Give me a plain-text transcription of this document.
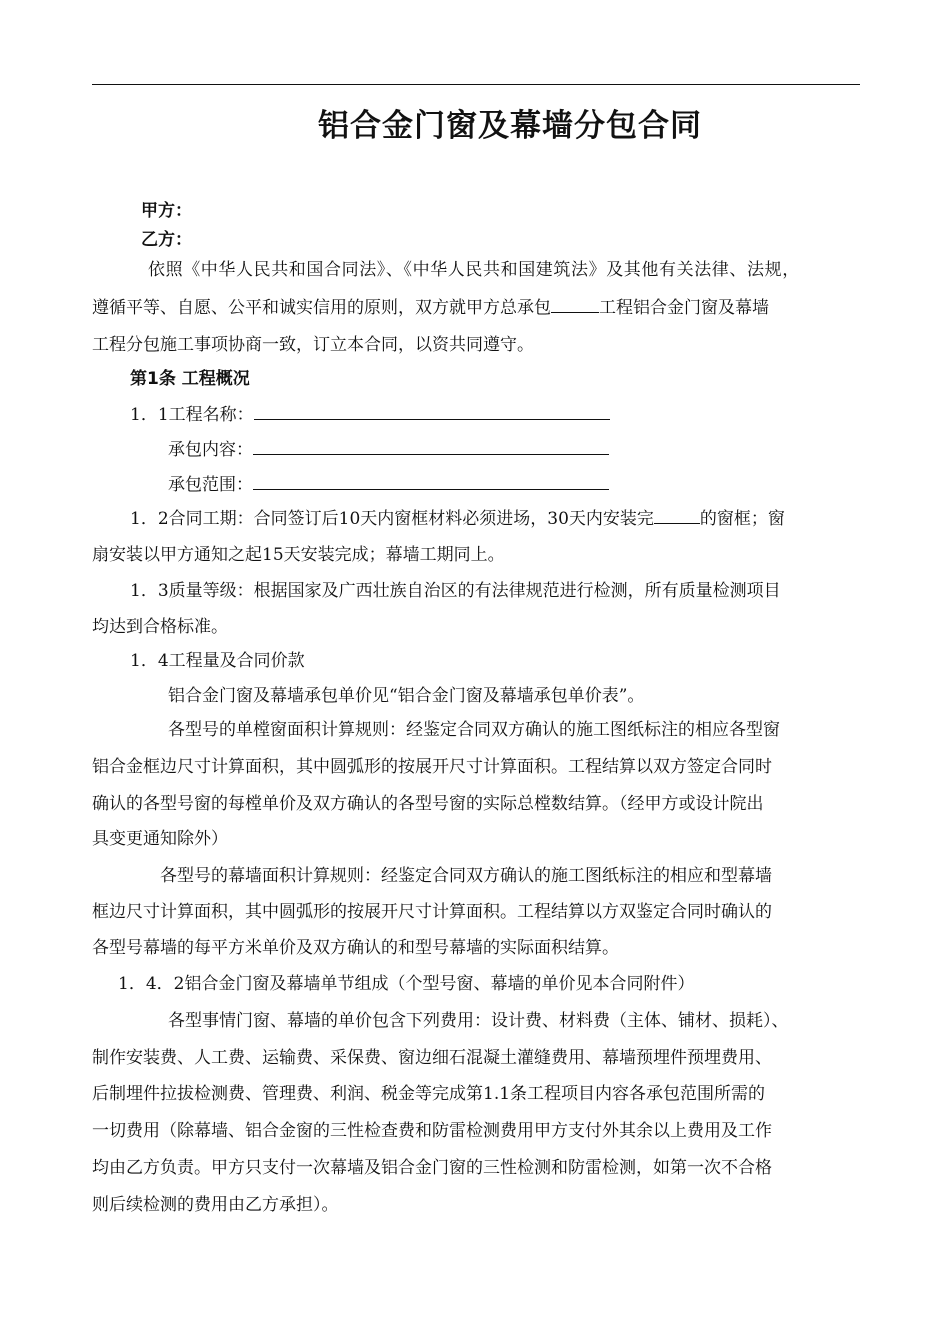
铝合金门窗及幕墙分包合同
甲方：
乙方：
依照《中华人民共和国合同法》、《中华人民共和国建筑法》及其他有关法律、法规，
遵循平等、自愿、公平和诚实信用的原则，双方就甲方总承包	工程铝合金门窗及幕墙
工程分包施工事项协商一致，订立本合同，以资共同遵守。
第1条 工程概况
1．1工程名称：
承包内容：
承包范围：
1．2合同工期：合同签订后10天内窗框材料必须进场，30天内安装完	的窗框；窗
扇安装以甲方通知之起15天安装完成；幕墙工期同上。
1．3质量等级：根据国家及广西壮族自治区的有法律规范进行检测，所有质量检测项目
均达到合格标准。
1．4工程量及合同价款
铝合金门窗及幕墙承包单价见“铝合金门窗及幕墙承包单价表”。
各型号的单樘窗面积计算规则：经鉴定合同双方确认的施工图纸标注的相应各型窗
铝合金框边尺寸计算面积，其中圆弧形的按展开尺寸计算面积。工程结算以双方签定合同时
确认的各型号窗的每樘单价及双方确认的各型号窗的实际总樘数结算。（经甲方或设计院出
具变更通知除外）
各型号的幕墙面积计算规则：经鉴定合同双方确认的施工图纸标注的相应和型幕墙
框边尺寸计算面积，其中圆弧形的按展开尺寸计算面积。工程结算以方双鉴定合同时确认的
各型号幕墙的每平方米单价及双方确认的和型号幕墙的实际面积结算。
1．4．2铝合金门窗及幕墙单节组成（个型号窗、幕墙的单价见本合同附件）
各型事情门窗、幕墙的单价包含下列费用：设计费、材料费（主体、铺材、损耗）、
制作安装费、人工费、运输费、采保费、窗边细石混凝土灌缝费用、幕墙预埋件预埋费用、
后制埋件拉拔检测费、管理费、利润、税金等完成第1.1条工程项目内容各承包范围所需的
一切费用（除幕墙、铝合金窗的三性检查费和防雷检测费用甲方支付外其余以上费用及工作
均由乙方负责。甲方只支付一次幕墙及铝合金门窗的三性检测和防雷检测，如第一次不合格
则后续检测的费用由乙方承担）。
